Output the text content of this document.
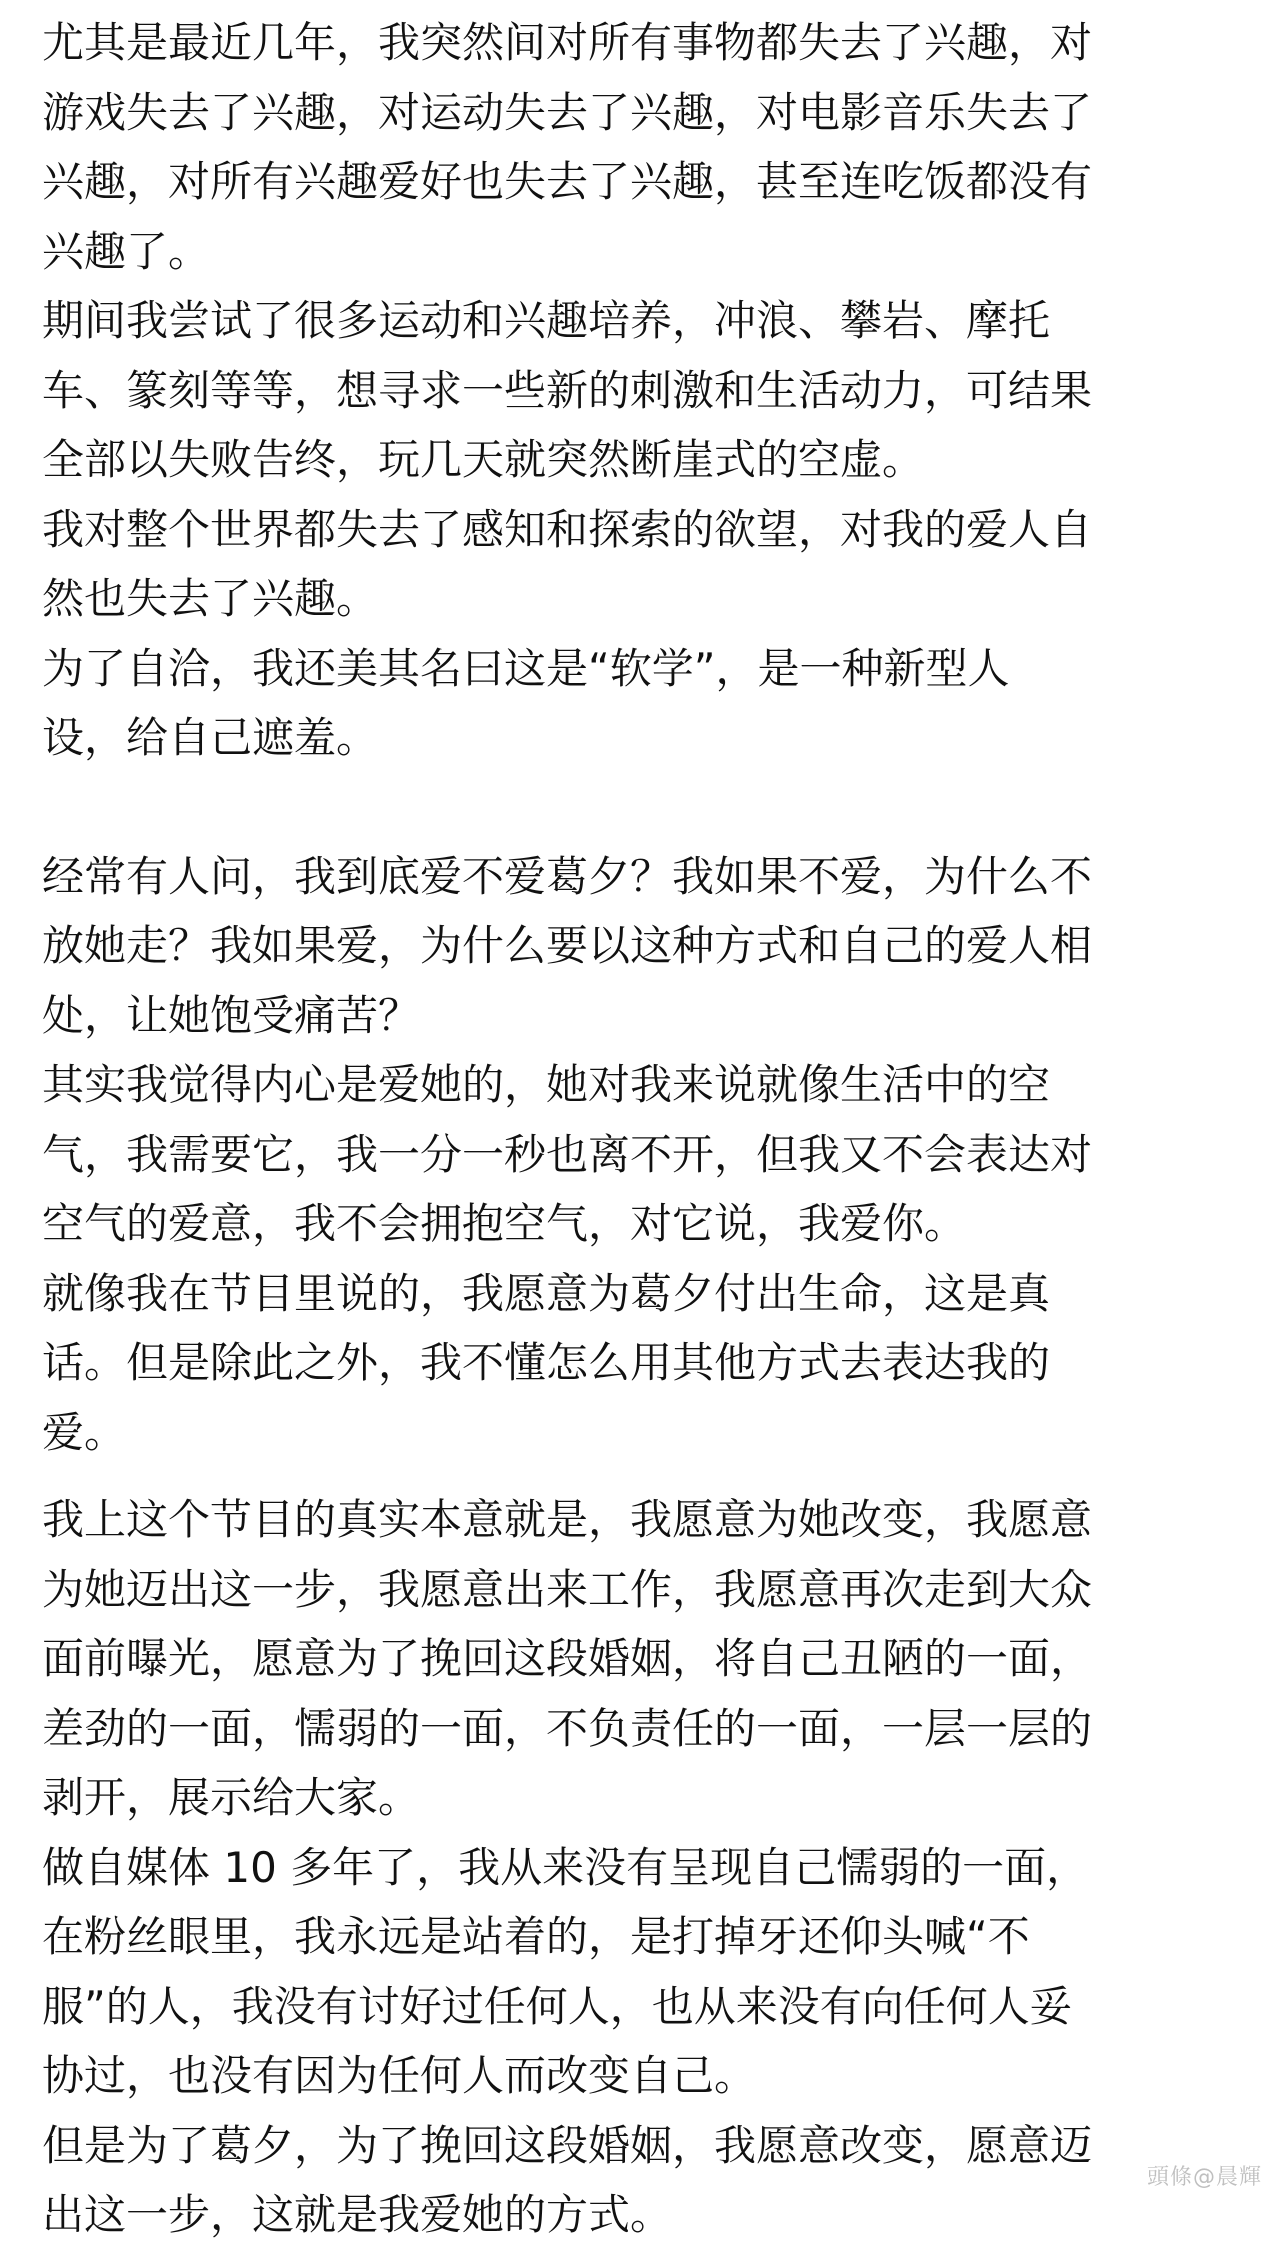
尤其是最近几年，我突然间对所有事物都失去了兴趣，对
游戏失去了兴趣，对运动失去了兴趣，对电影音乐失去了
兴趣，对所有兴趣爱好也失去了兴趣，甚至连吃饭都没有
兴趣了。

期间我尝试了很多运动和兴趣培养，冲浪、攀岩、摩托
车、篆刻等等，想寻求一些新的刺激和生活动力，可结果
全部以失败告终，玩几天就突然断崖式的空虚。

我对整个世界都失去了感知和探索的欲望，对我的爱人自
然也失去了兴趣。

为了自洽，我还美其名曰这是“软学”，是一种新型人
设，给自己遮羞。

经常有人问，我到底爱不爱葛夕？我如果不爱，为什么不
放她走？我如果爱，为什么要以这种方式和自己的爱人相
处，让她饱受痛苦？

其实我觉得内心是爱她的，她对我来说就像生活中的空
气，我需要它，我一分一秒也离不开，但我又不会表达对
空气的爱意，我不会拥抱空气，对它说，我爱你。

就像我在节目里说的，我愿意为葛夕付出生命，这是真
话。但是除此之外，我不懂怎么用其他方式去表达我的
爱。

我上这个节目的真实本意就是，我愿意为她改变，我愿意
为她迈出这一步，我愿意出来工作，我愿意再次走到大众
面前曝光，愿意为了挽回这段婚姻，将自己丑陋的一面，
差劲的一面，懦弱的一面，不负责任的一面，一层一层的
剥开，展示给大家。

做自媒体 10 多年了，我从来没有呈现自己懦弱的一面，
在粉丝眼里，我永远是站着的，是打掉牙还仰头喊“不
服”的人，我没有讨好过任何人，也从来没有向任何人妥
协过，也没有因为任何人而改变自己。

但是为了葛夕，为了挽回这段婚姻，我愿意改变，愿意迈
出这一步，这就是我爱她的方式。

頭條@晨輝
